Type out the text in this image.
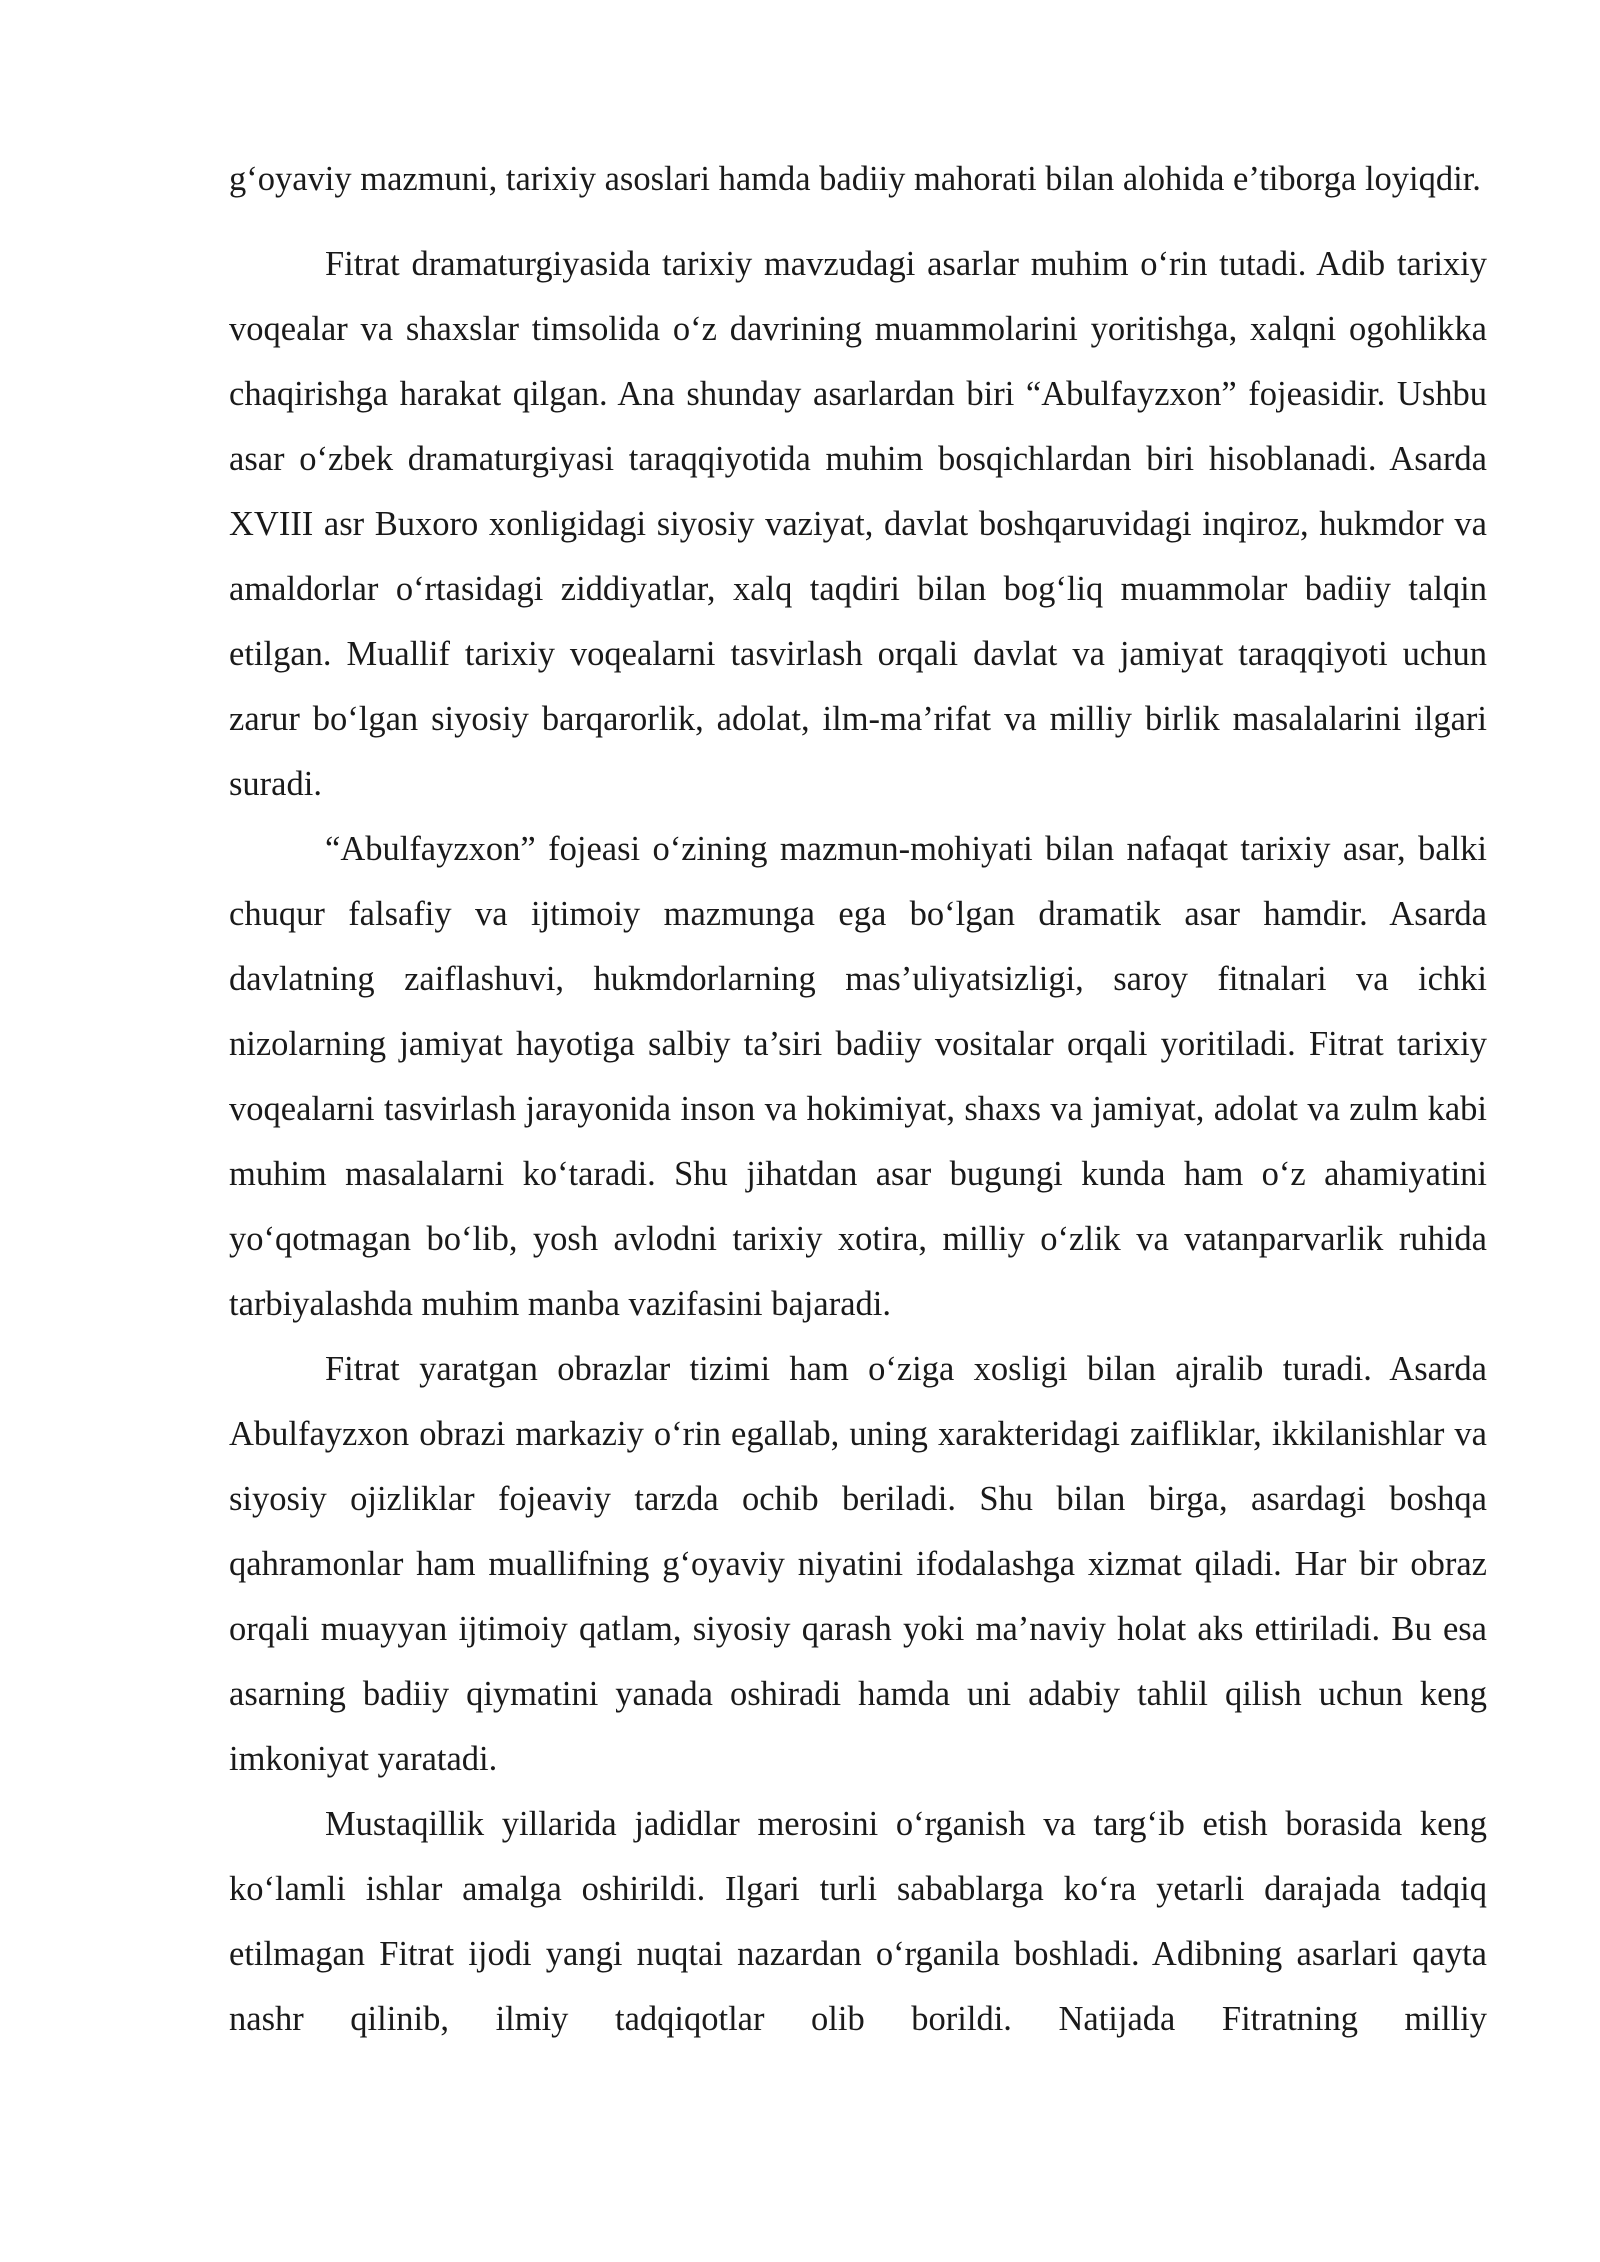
g‘oyaviy mazmuni, tarixiy asoslari hamda badiiy mahorati bilan alohida e’tiborga loyiqdir.

Fitrat dramaturgiyasida tarixiy mavzudagi asarlar muhim o‘rin tutadi. Adib tarixiy voqealar va shaxslar timsolida o‘z davrining muammolarini yoritishga, xalqni ogohlikka chaqirishga harakat qilgan. Ana shunday asarlardan biri “Abulfayzxon” fojeasidir. Ushbu asar o‘zbek dramaturgiyasi taraqqiyotida muhim bosqichlardan biri hisoblanadi. Asarda XVIII asr Buxoro xonligidagi siyosiy vaziyat, davlat boshqaruvidagi inqiroz, hukmdor va amaldorlar o‘rtasidagi ziddiyatlar, xalq taqdiri bilan bog‘liq muammolar badiiy talqin etilgan. Muallif tarixiy voqealarni tasvirlash orqali davlat va jamiyat taraqqiyoti uchun zarur bo‘lgan siyosiy barqarorlik, adolat, ilm-ma’rifat va milliy birlik masalalarini ilgari suradi.

“Abulfayzxon” fojeasi o‘zining mazmun-mohiyati bilan nafaqat tarixiy asar, balki chuqur falsafiy va ijtimoiy mazmunga ega bo‘lgan dramatik asar hamdir. Asarda davlatning zaiflashuvi, hukmdorlarning mas’uliyatsizligi, saroy fitnalari va ichki nizolarning jamiyat hayotiga salbiy ta’siri badiiy vositalar orqali yoritiladi. Fitrat tarixiy voqealarni tasvirlash jarayonida inson va hokimiyat, shaxs va jamiyat, adolat va zulm kabi muhim masalalarni ko‘taradi. Shu jihatdan asar bugungi kunda ham o‘z ahamiyatini yo‘qotmagan bo‘lib, yosh avlodni tarixiy xotira, milliy o‘zlik va vatanparvarlik ruhida tarbiyalashda muhim manba vazifasini bajaradi.

Fitrat yaratgan obrazlar tizimi ham o‘ziga xosligi bilan ajralib turadi. Asarda Abulfayzxon obrazi markaziy o‘rin egallab, uning xarakteridagi zaifliklar, ikkilanishlar va siyosiy ojizliklar fojeaviy tarzda ochib beriladi. Shu bilan birga, asardagi boshqa qahramonlar ham muallifning g‘oyaviy niyatini ifodalashga xizmat qiladi. Har bir obraz orqali muayyan ijtimoiy qatlam, siyosiy qarash yoki ma’naviy holat aks ettiriladi. Bu esa asarning badiiy qiymatini yanada oshiradi hamda uni adabiy tahlil qilish uchun keng imkoniyat yaratadi.

Mustaqillik yillarida jadidlar merosini o‘rganish va targ‘ib etish borasida keng ko‘lamli ishlar amalga oshirildi. Ilgari turli sabablarga ko‘ra yetarli darajada tadqiq etilmagan Fitrat ijodi yangi nuqtai nazardan o‘rganila boshladi. Adibning asarlari qayta nashr qilinib, ilmiy tadqiqotlar olib borildi. Natijada Fitratning milliy
